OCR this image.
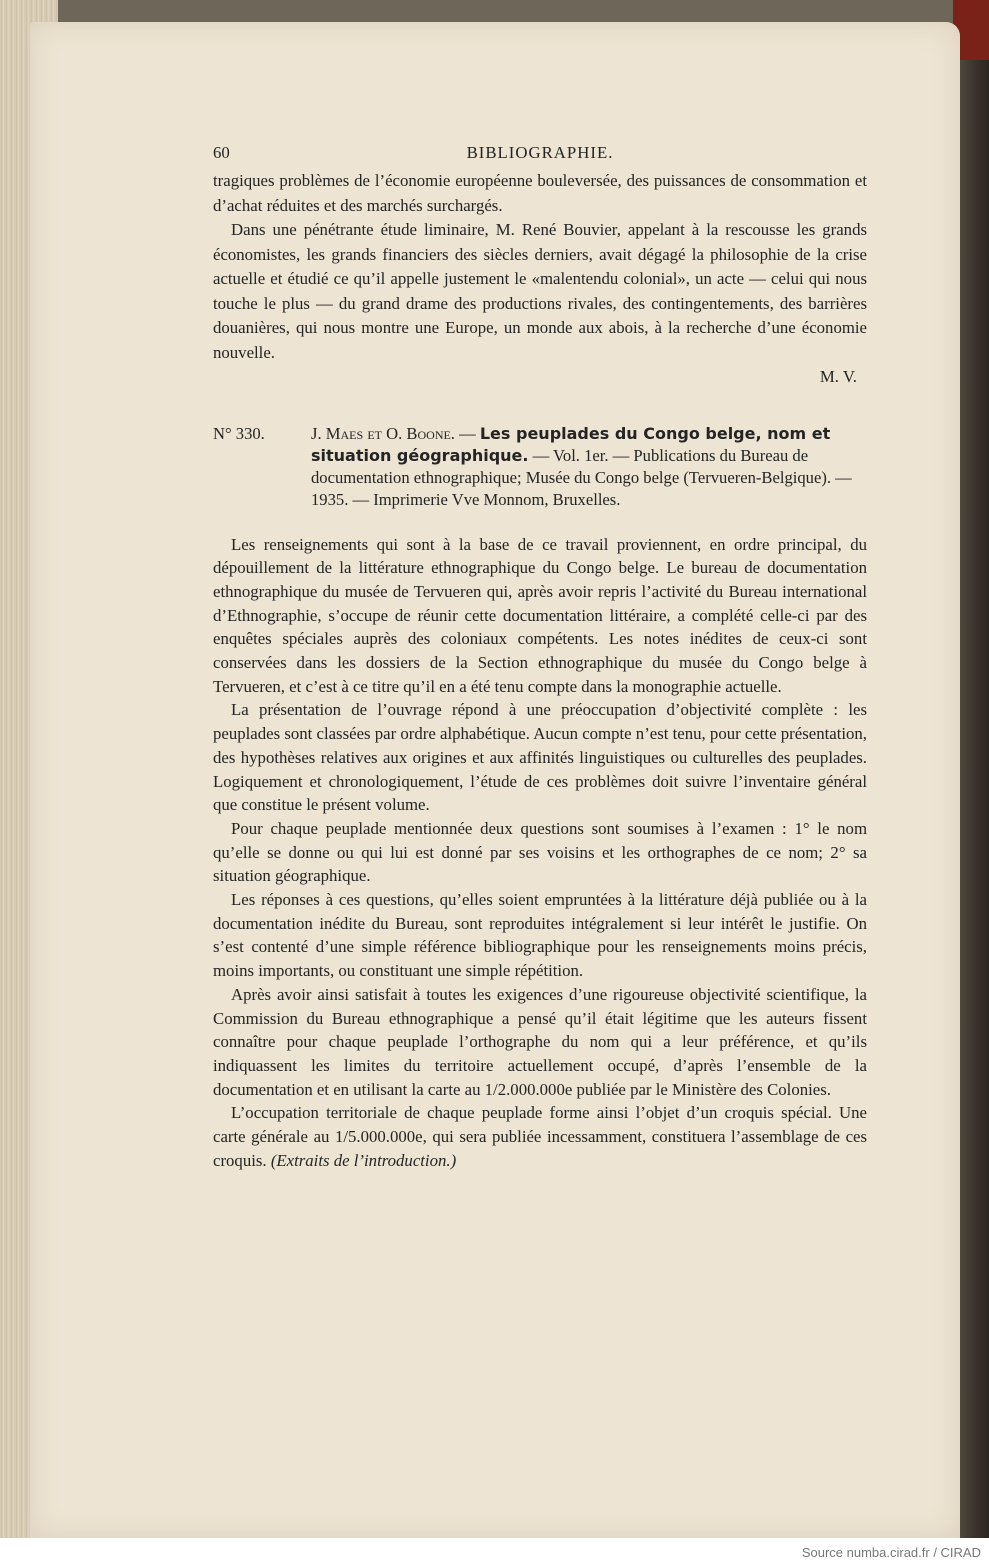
60	BIBLIOGRAPHIE.

tragiques problèmes de l’économie européenne bouleversée, des puissances de consommation et d’achat réduites et des marchés surchargés.

Dans une pénétrante étude liminaire, M. René Bouvier, appelant à la rescousse les grands économistes, les grands financiers des siècles derniers, avait dégagé la philosophie de la crise actuelle et étudié ce qu’il appelle justement le «malentendu colonial», un acte — celui qui nous touche le plus — du grand drame des productions rivales, des contingentements, des barrières douanières, qui nous montre une Europe, un monde aux abois, à la recherche d’une économie nouvelle.

M. V.
N° 330.	J. Maes et O. Boone. — Les peuplades du Congo belge, nom et situation géographique. — Vol. 1er. — Publications du Bureau de documentation ethnographique; Musée du Congo belge (Tervueren-Belgique). — 1935. — Imprimerie Vve Monnom, Bruxelles.

Les renseignements qui sont à la base de ce travail proviennent, en ordre principal, du dépouillement de la littérature ethnographique du Congo belge. Le bureau de documentation ethnographique du musée de Tervueren qui, après avoir repris l’activité du Bureau international d’Ethnographie, s’occupe de réunir cette documentation littéraire, a complété celle-ci par des enquêtes spéciales auprès des coloniaux compétents. Les notes inédites de ceux-ci sont conservées dans les dossiers de la Section ethnographique du musée du Congo belge à Tervueren, et c’est à ce titre qu’il en a été tenu compte dans la monographie actuelle.

La présentation de l’ouvrage répond à une préoccupation d’objectivité complète : les peuplades sont classées par ordre alphabétique. Aucun compte n’est tenu, pour cette présentation, des hypothèses relatives aux origines et aux affinités linguistiques ou culturelles des peuplades. Logiquement et chronologiquement, l’étude de ces problèmes doit suivre l’inventaire général que constitue le présent volume.

Pour chaque peuplade mentionnée deux questions sont soumises à l’examen : 1° le nom qu’elle se donne ou qui lui est donné par ses voisins et les orthographes de ce nom; 2° sa situation géographique.

Les réponses à ces questions, qu’elles soient empruntées à la littérature déjà publiée ou à la documentation inédite du Bureau, sont reproduites intégralement si leur intérêt le justifie. On s’est contenté d’une simple référence bibliographique pour les renseignements moins précis, moins importants, ou constituant une simple répétition.

Après avoir ainsi satisfait à toutes les exigences d’une rigoureuse objectivité scientifique, la Commission du Bureau ethnographique a pensé qu’il était légitime que les auteurs fissent connaître pour chaque peuplade l’orthographe du nom qui a leur préférence, et qu’ils indiquassent les limites du territoire actuellement occupé, d’après l’ensemble de la documentation et en utilisant la carte au 1/2.000.000e publiée par le Ministère des Colonies.

L’occupation territoriale de chaque peuplade forme ainsi l’objet d’un croquis spécial. Une carte générale au 1/5.000.000e, qui sera publiée incessamment, constituera l’assemblage de ces croquis. (Extraits de l’introduction.)

Source numba.cirad.fr / CIRAD
